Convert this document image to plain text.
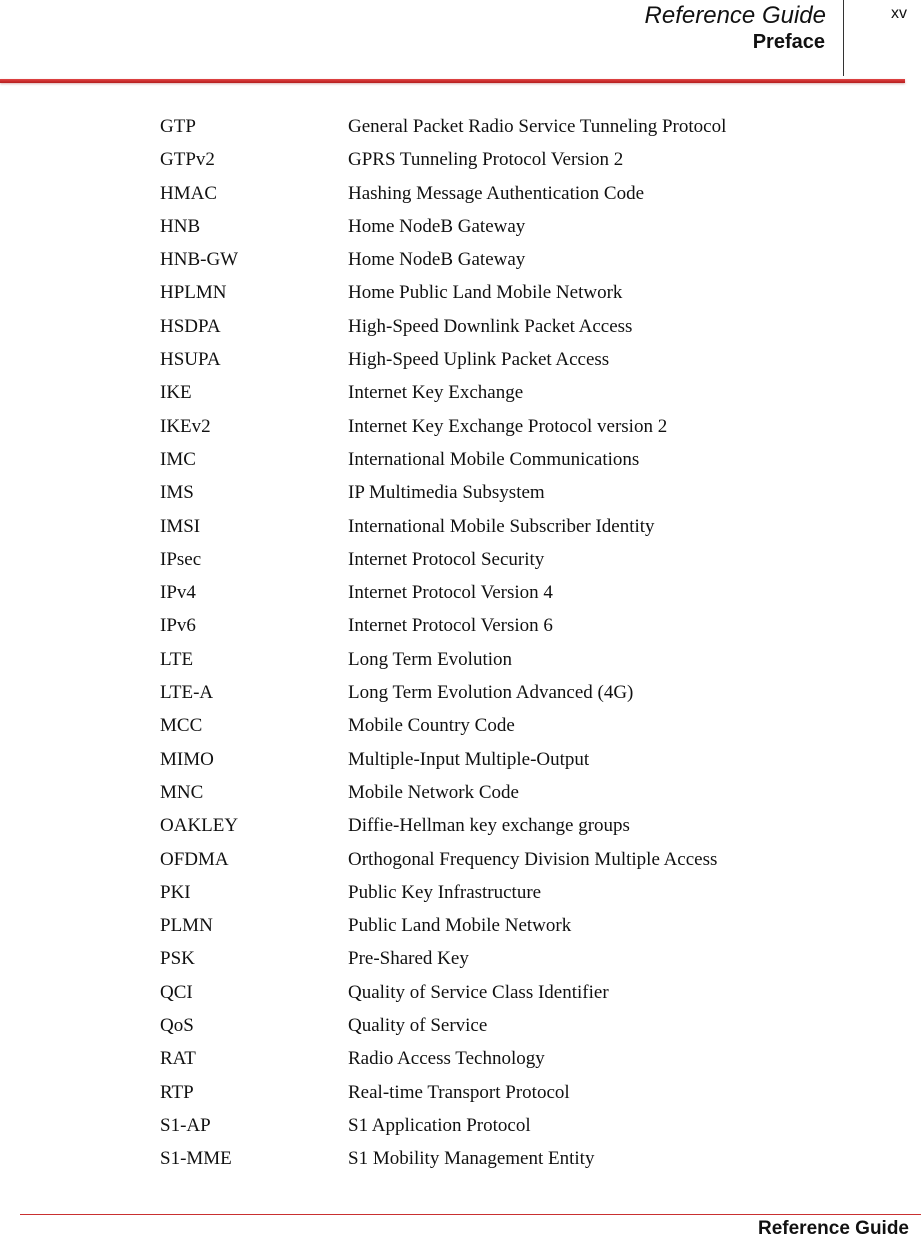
Reference Guide
Preface
xv
GTP	General Packet Radio Service Tunneling Protocol
GTPv2	GPRS Tunneling Protocol Version 2
HMAC	Hashing Message Authentication Code
HNB	Home NodeB Gateway
HNB-GW	Home NodeB Gateway
HPLMN	Home Public Land Mobile Network
HSDPA	High-Speed Downlink Packet Access
HSUPA	High-Speed Uplink Packet Access
IKE	Internet Key Exchange
IKEv2	Internet Key Exchange Protocol version 2
IMC	International Mobile Communications
IMS	IP Multimedia Subsystem
IMSI	International Mobile Subscriber Identity
IPsec	Internet Protocol Security
IPv4	Internet Protocol Version 4
IPv6	Internet Protocol Version 6
LTE	Long Term Evolution
LTE-A	Long Term Evolution Advanced (4G)
MCC	Mobile Country Code
MIMO	Multiple-Input Multiple-Output
MNC	Mobile Network Code
OAKLEY	Diffie-Hellman key exchange groups
OFDMA	Orthogonal Frequency Division Multiple Access
PKI	Public Key Infrastructure
PLMN	Public Land Mobile Network
PSK	Pre-Shared Key
QCI	Quality of Service Class Identifier
QoS	Quality of Service
RAT	Radio Access Technology
RTP	Real-time Transport Protocol
S1-AP	S1 Application Protocol
S1-MME	S1 Mobility Management Entity
Reference Guide
